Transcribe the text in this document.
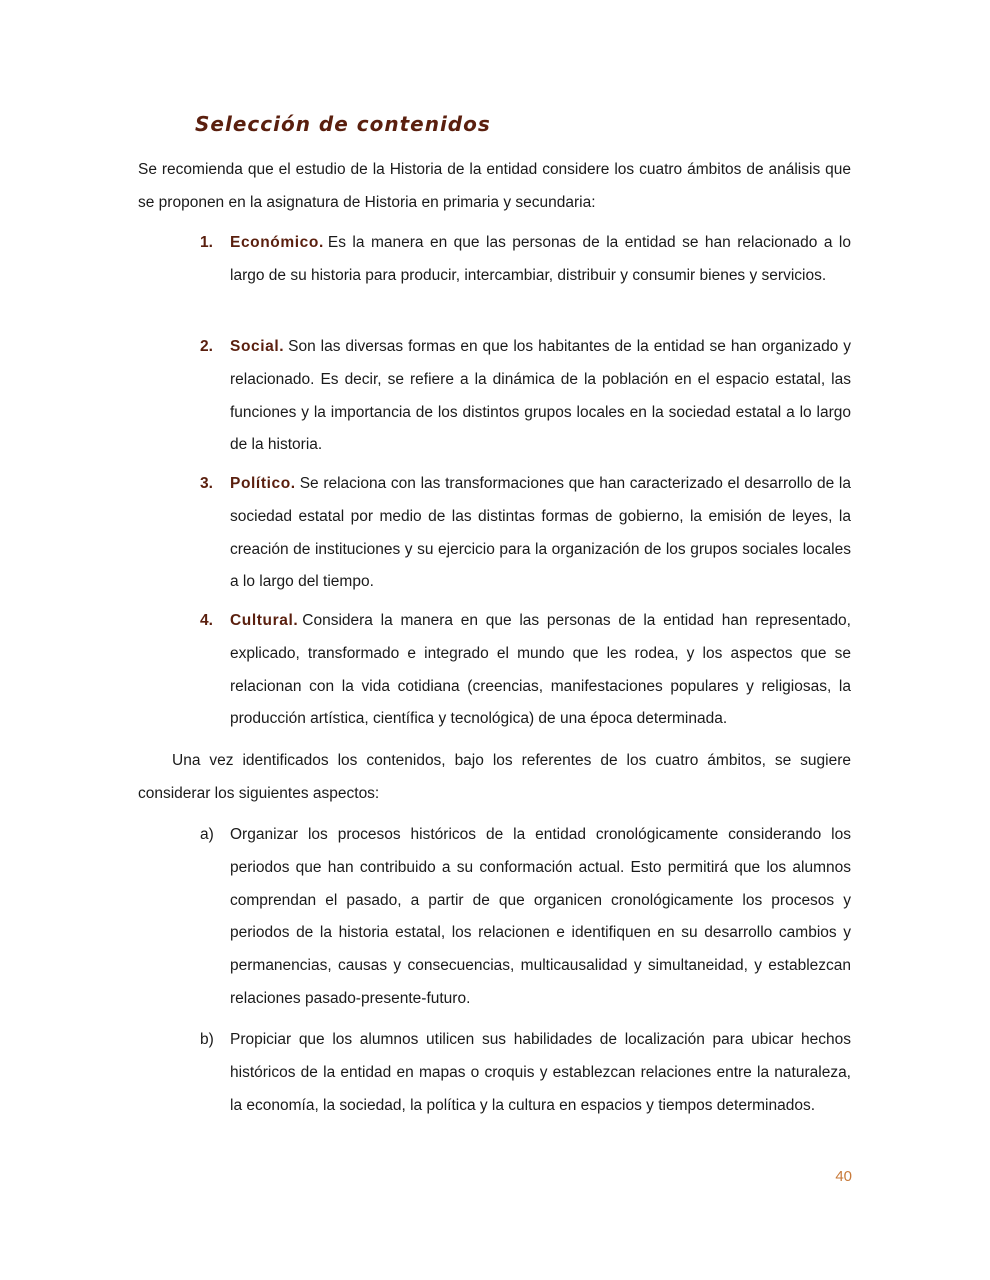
Selección de contenidos
Se recomienda que el estudio de la Historia de la entidad considere los cuatro ámbitos de análisis que se proponen en la asignatura de Historia en primaria y secundaria:
1. Económico. Es la manera en que las personas de la entidad se han relacionado a lo largo de su historia para producir, intercambiar, distribuir y consumir bienes y servicios.
2. Social. Son las diversas formas en que los habitantes de la entidad se han organizado y relacionado. Es decir, se refiere a la dinámica de la población en el espacio estatal, las funciones y la importancia de los distintos grupos locales en la sociedad estatal a lo largo de la historia.
3. Político. Se relaciona con las transformaciones que han caracterizado el desarrollo de la sociedad estatal por medio de las distintas formas de gobierno, la emisión de leyes, la creación de instituciones y su ejercicio para la organización de los grupos sociales locales a lo largo del tiempo.
4. Cultural. Considera la manera en que las personas de la entidad han representado, explicado, transformado e integrado el mundo que les rodea, y los aspectos que se relacionan con la vida cotidiana (creencias, manifestaciones populares y religiosas, la producción artística, científica y tecnológica) de una época determinada.
Una vez identificados los contenidos, bajo los referentes de los cuatro ámbitos, se sugiere considerar los siguientes aspectos:
a) Organizar los procesos históricos de la entidad cronológicamente considerando los periodos que han contribuido a su conformación actual. Esto permitirá que los alumnos comprendan el pasado, a partir de que organicen cronológicamente los procesos y periodos de la historia estatal, los relacionen e identifiquen en su desarrollo cambios y permanencias, causas y consecuencias, multicausalidad y simultaneidad, y establezcan relaciones pasado-presente-futuro.
b) Propiciar que los alumnos utilicen sus habilidades de localización para ubicar hechos históricos de la entidad en mapas o croquis y establezcan relaciones entre la naturaleza, la economía, la sociedad, la política y la cultura en espacios y tiempos determinados.
40
